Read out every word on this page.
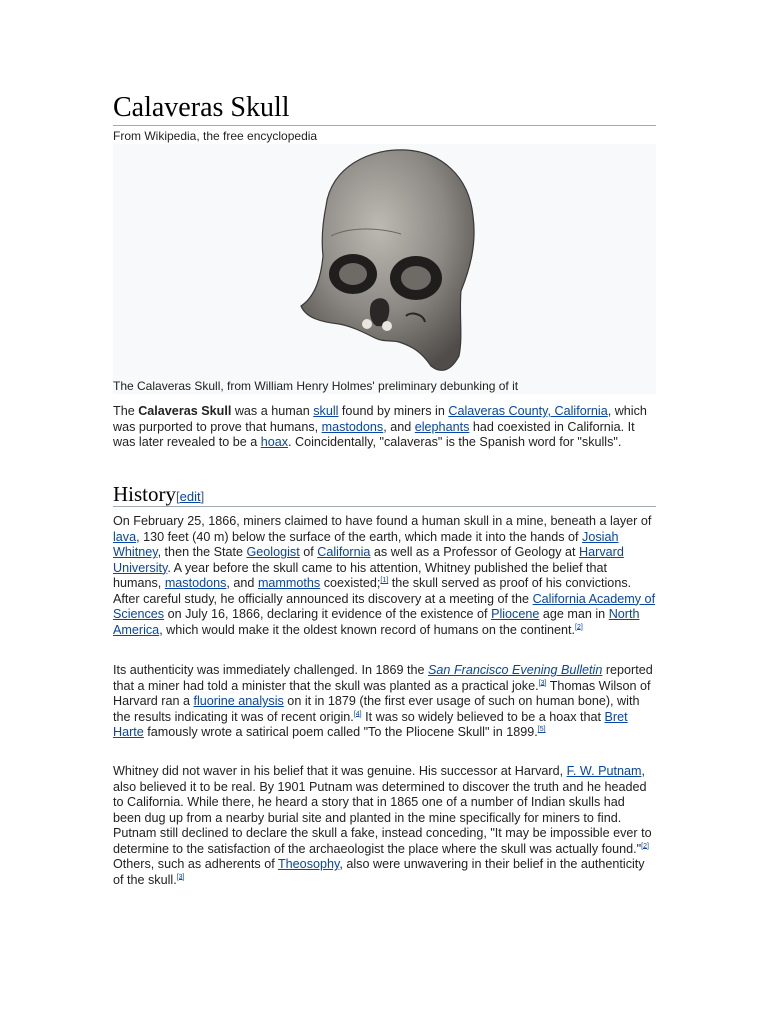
Calaveras Skull
From Wikipedia, the free encyclopedia
The Calaveras Skull, from William Henry Holmes' preliminary debunking of it

The Calaveras Skull was a human skull found by miners in Calaveras County, California, which was purported to prove that humans, mastodons, and elephants had coexisted in California. It was later revealed to be a hoax. Coincidentally, "calaveras" is the Spanish word for "skulls".

History[edit]

On February 25, 1866, miners claimed to have found a human skull in a mine, beneath a layer of lava, 130 feet (40 m) below the surface of the earth, which made it into the hands of Josiah Whitney, then the State Geologist of California as well as a Professor of Geology at Harvard University. A year before the skull came to his attention, Whitney published the belief that humans, mastodons, and mammoths coexisted;[1] the skull served as proof of his convictions. After careful study, he officially announced its discovery at a meeting of the California Academy of Sciences on July 16, 1866, declaring it evidence of the existence of Pliocene age man in North America, which would make it the oldest known record of humans on the continent.[2]

Its authenticity was immediately challenged. In 1869 the San Francisco Evening Bulletin reported that a miner had told a minister that the skull was planted as a practical joke.[3] Thomas Wilson of Harvard ran a fluorine analysis on it in 1879 (the first ever usage of such on human bone), with the results indicating it was of recent origin.[4] It was so widely believed to be a hoax that Bret Harte famously wrote a satirical poem called "To the Pliocene Skull" in 1899.[5]

Whitney did not waver in his belief that it was genuine. His successor at Harvard, F. W. Putnam, also believed it to be real. By 1901 Putnam was determined to discover the truth and he headed to California. While there, he heard a story that in 1865 one of a number of Indian skulls had been dug up from a nearby burial site and planted in the mine specifically for miners to find. Putnam still declined to declare the skull a fake, instead conceding, "It may be impossible ever to determine to the satisfaction of the archaeologist the place where the skull was actually found."[2] Others, such as adherents of Theosophy, also were unwavering in their belief in the authenticity of the skull.[3]
